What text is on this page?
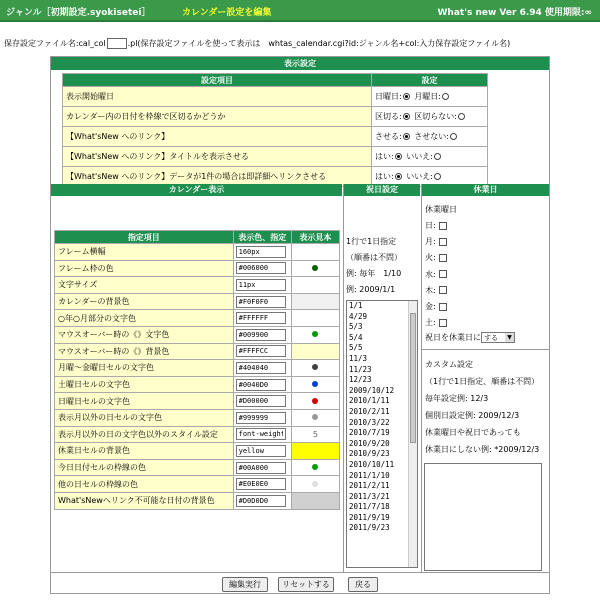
ジャンル［初期設定.syokisetei］	カレンダー設定を編集	What's new Ver 6.94 使用期限:∞
保存設定ファイル名:cal_col	.pl(保存設定ファイルを使って表示は　whtas_calendar.cgi?id:ジャンル名+col:入力保存設定ファイル名)
表示設定
設定項目	設定
表示開始曜日	日曜日: 月曜日:
カレンダー内の日付を枠線で区切るかどうか	区切る: 区切らない:
【What'sNew へのリンク】	させる: させない:
【What'sNew へのリンク】タイトルを表示させる	はい: いいえ:
【What'sNew へのリンク】データが1件の場合は即詳細へリンクさせる	はい: いいえ:
カレンダー表示	祝日設定	休業日
指定項目	表示色、指定	表示見本
フレーム横幅	160px	
フレーム枠の色	#006000	
文字サイズ	11px	
カレンダーの背景色	#F0F0F0	
○年○月部分の文字色	#FFFFFF	
マウスオーバー時の《》文字色	#009900	
マウスオーバー時の《》背景色	#FFFFCC	
月曜～金曜日セルの文字色	#404040	
土曜日セルの文字色	#0040D0	
日曜日セルの文字色	#D00000	
表示月以外の日セルの文字色	#999999	
表示月以外の日の文字色以外のスタイル設定	font-weight:	5
休業日セルの背景色	yellow	
今日日付セルの枠線の色	#00A000	
他の日セルの枠線の色	#E0E0E0	
What'sNewへリンク不可能な日付の背景色	#D0D0D0	
1行で1日指定
（順番は不問）
例: 毎年　1/10
例: 2009/1/1
1/1
4/29
5/3
5/4
5/5
11/3
11/23
12/23
2009/10/12
2010/1/11
2010/2/11
2010/3/22
2010/7/19
2010/9/20
2010/9/23
2010/10/11
2011/1/10
2011/2/11
2011/3/21
2011/7/18
2011/9/19
2011/9/23
休業曜日
日:
月:
火:
水:
木:
金:
土:
祝日を休業日に する	▼
カスタム設定
（1行で1日指定、順番は不問）
毎年設定例: 12/3
個別日設定例: 2009/12/3
休業曜日や祝日であっても
休業日にしない例: *2009/12/3
編集実行	リセットする	戻る
